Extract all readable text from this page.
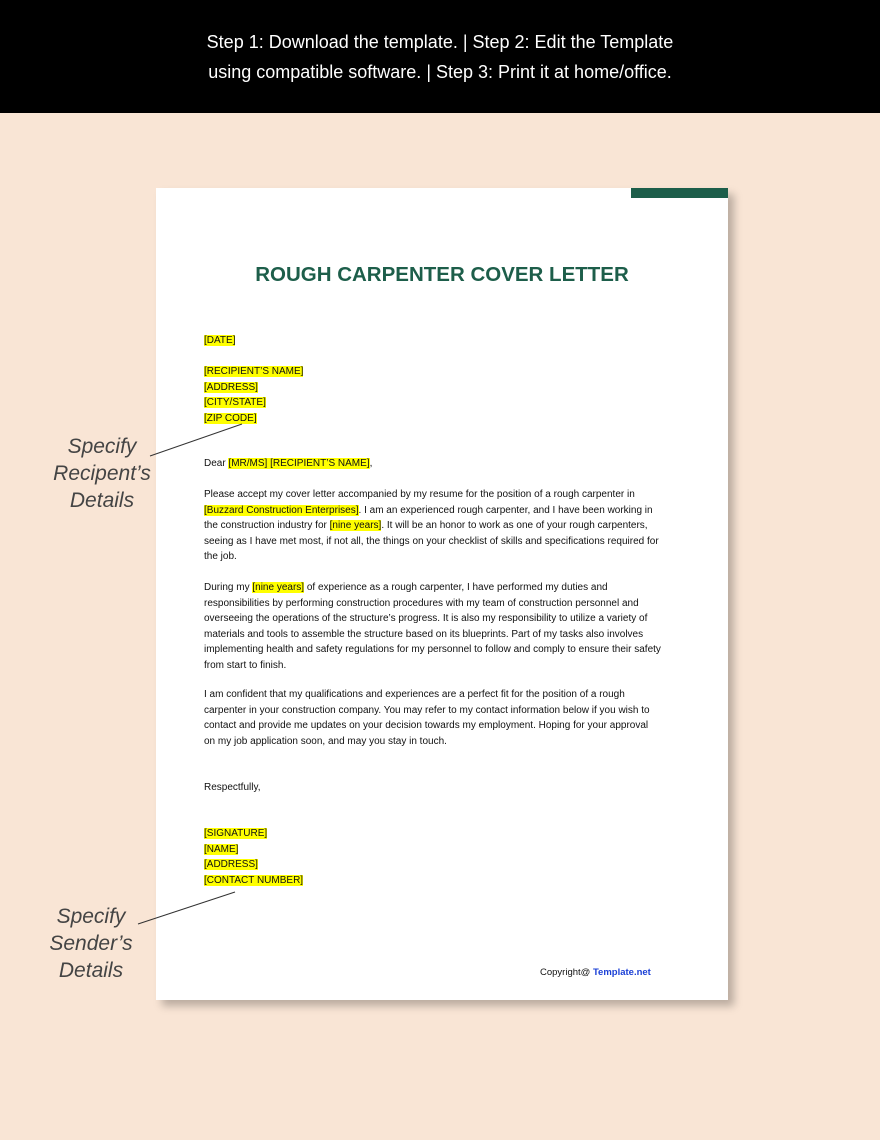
Step 1: Download the template. | Step 2: Edit the Template
using compatible software. | Step 3: Print it at home/office.
ROUGH CARPENTER COVER LETTER
[DATE]
[RECIPIENT’S NAME]
[ADDRESS]
[CITY/STATE]
[ZIP CODE]
Dear [MR/MS] [RECIPIENT’S NAME],

Please accept my cover letter accompanied by my resume for the position of a rough carpenter in [Buzzard Construction Enterprises]. I am an experienced rough carpenter, and I have been working in the construction industry for [nine years]. It will be an honor to work as one of your rough carpenters, seeing as I have met most, if not all, the things on your checklist of skills and specifications required for the job.

During my [nine years] of experience as a rough carpenter, I have performed my duties and responsibilities by performing construction procedures with my team of construction personnel and overseeing the operations of the structure’s progress. It is also my responsibility to utilize a variety of materials and tools to assemble the structure based on its blueprints. Part of my tasks also involves implementing health and safety regulations for my personnel to follow and comply to ensure their safety from start to finish.

I am confident that my qualifications and experiences are a perfect fit for the position of a rough carpenter in your construction company. You may refer to my contact information below if you wish to contact and provide me updates on your decision towards my employment. Hoping for your approval on my job application soon, and may you stay in touch.

Respectfully,
[SIGNATURE]
[NAME]
[ADDRESS]
[CONTACT NUMBER]
Copyright@ Template.net
Specify
Recipent’s
Details
Specify
Sender’s
Details
